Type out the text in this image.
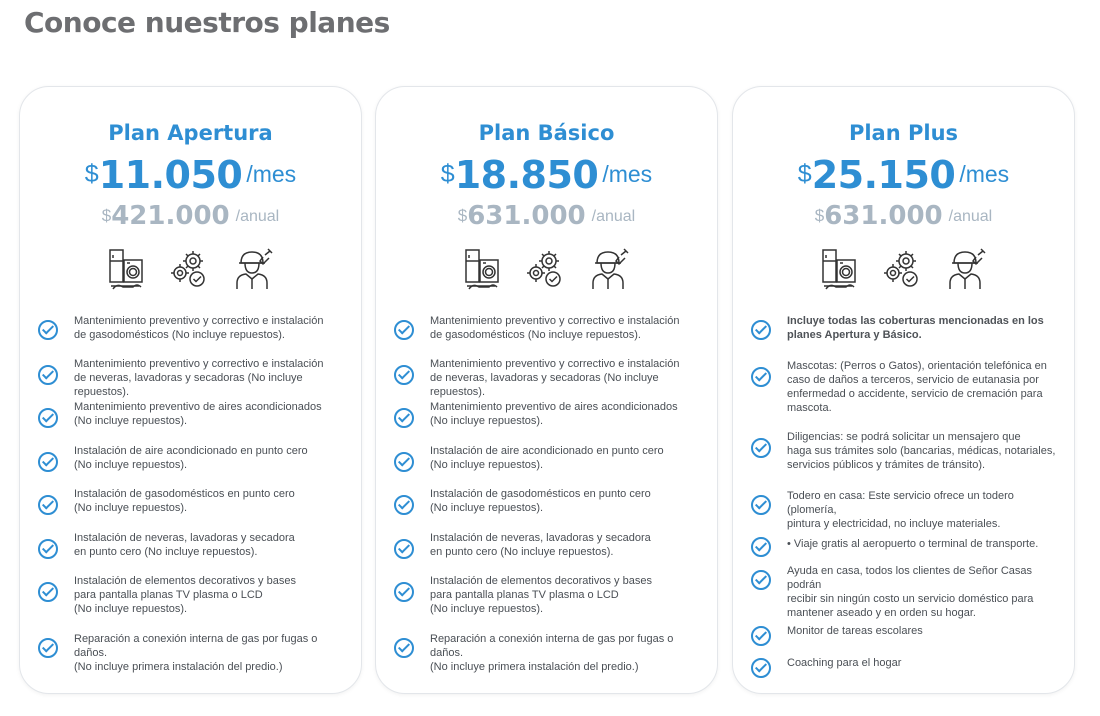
Conoce nuestros planes
Plan Apertura
$11.050 /mes
$421.000 /anual
Mantenimiento preventivo y correctivo e instalación
de gasodomésticos (No incluye repuestos).
Mantenimiento preventivo y correctivo e instalación
de neveras, lavadoras y secadoras (No incluye repuestos).
Mantenimiento preventivo de aires acondicionados
(No incluye repuestos).
Instalación de aire acondicionado en punto cero
(No incluye repuestos).
Instalación de gasodomésticos en punto cero
(No incluye repuestos).
Instalación de neveras, lavadoras y secadora
en punto cero (No incluye repuestos).
Instalación de elementos decorativos y bases
para pantalla planas TV plasma o LCD
(No incluye repuestos).
Reparación a conexión interna de gas por fugas o daños.
(No incluye primera instalación del predio.)
Plan Básico
$18.850 /mes
$631.000 /anual
Mantenimiento preventivo y correctivo e instalación
de gasodomésticos (No incluye repuestos).
Mantenimiento preventivo y correctivo e instalación
de neveras, lavadoras y secadoras (No incluye repuestos).
Mantenimiento preventivo de aires acondicionados
(No incluye repuestos).
Instalación de aire acondicionado en punto cero
(No incluye repuestos).
Instalación de gasodomésticos en punto cero
(No incluye repuestos).
Instalación de neveras, lavadoras y secadora
en punto cero (No incluye repuestos).
Instalación de elementos decorativos y bases
para pantalla planas TV plasma o LCD
(No incluye repuestos).
Reparación a conexión interna de gas por fugas o daños.
(No incluye primera instalación del predio.)
Plan Plus
$25.150 /mes
$631.000 /anual
Incluye todas las coberturas mencionadas en los
planes Apertura y Básico.
Mascotas: (Perros o Gatos), orientación telefónica en
caso de daños a terceros, servicio de eutanasia por
enfermedad o accidente, servicio de cremación para
mascota.
Diligencias: se podrá solicitar un mensajero que
haga sus trámites solo (bancarias, médicas, notariales,
servicios públicos y trámites de tránsito).
Todero en casa: Este servicio ofrece un todero (plomería,
pintura y electricidad, no incluye materiales.
• Viaje gratis al aeropuerto o terminal de transporte.
Ayuda en casa, todos los clientes de Señor Casas podrán
recibir sin ningún costo un servicio doméstico para
mantener aseado y en orden su hogar.
Monitor de tareas escolares
Coaching para el hogar
